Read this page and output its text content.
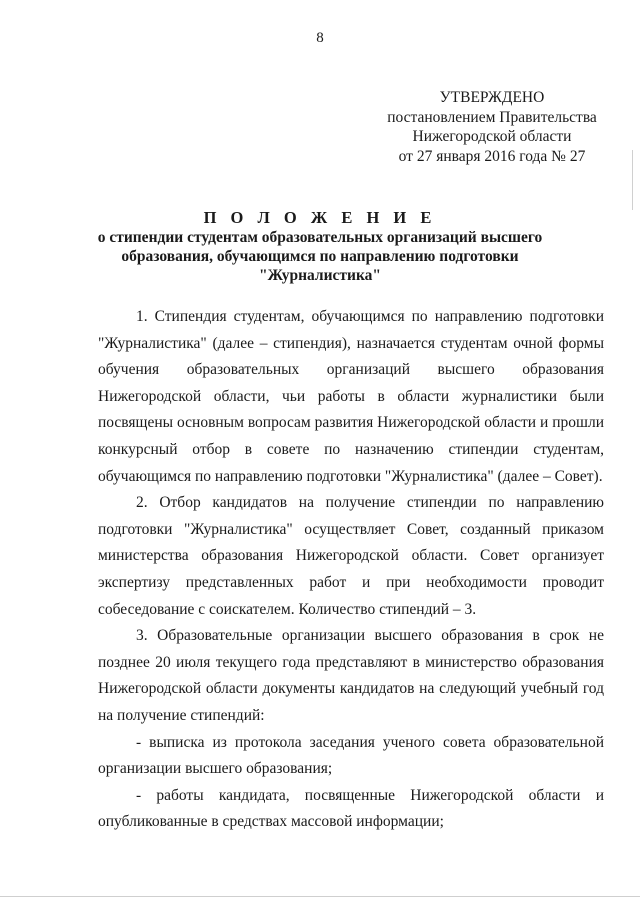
8
УТВЕРЖДЕНО
постановлением Правительства
Нижегородской области
от 27 января 2016 года № 27
П О Л О Ж Е Н И Е
о стипендии студентам образовательных организаций высшего
образования, обучающимся по направлению подготовки
"Журналистика"

1. Стипендия студентам, обучающимся по направлению подготовки "Журналистика" (далее – стипендия), назначается студентам очной формы обучения образовательных организаций высшего образования Нижегородской области, чьи работы в области журналистики были посвящены основным вопросам развития Нижегородской области и прошли конкурсный отбор в совете по назначению стипендии студентам, обучающимся по направлению подготовки "Журналистика" (далее – Совет).

2. Отбор кандидатов на получение стипендии по направлению подготовки "Журналистика" осуществляет Совет, созданный приказом министерства образования Нижегородской области. Совет организует экспертизу представленных работ и при необходимости проводит собеседование с соискателем. Количество стипендий – 3.

3. Образовательные организации высшего образования в срок не позднее 20 июля текущего года представляют в министерство образования Нижегородской области документы кандидатов на следующий учебный год на получение стипендий:

- выписка из протокола заседания ученого совета образовательной организации высшего образования;

- работы кандидата, посвященные Нижегородской области и опубликованные в средствах массовой информации;
